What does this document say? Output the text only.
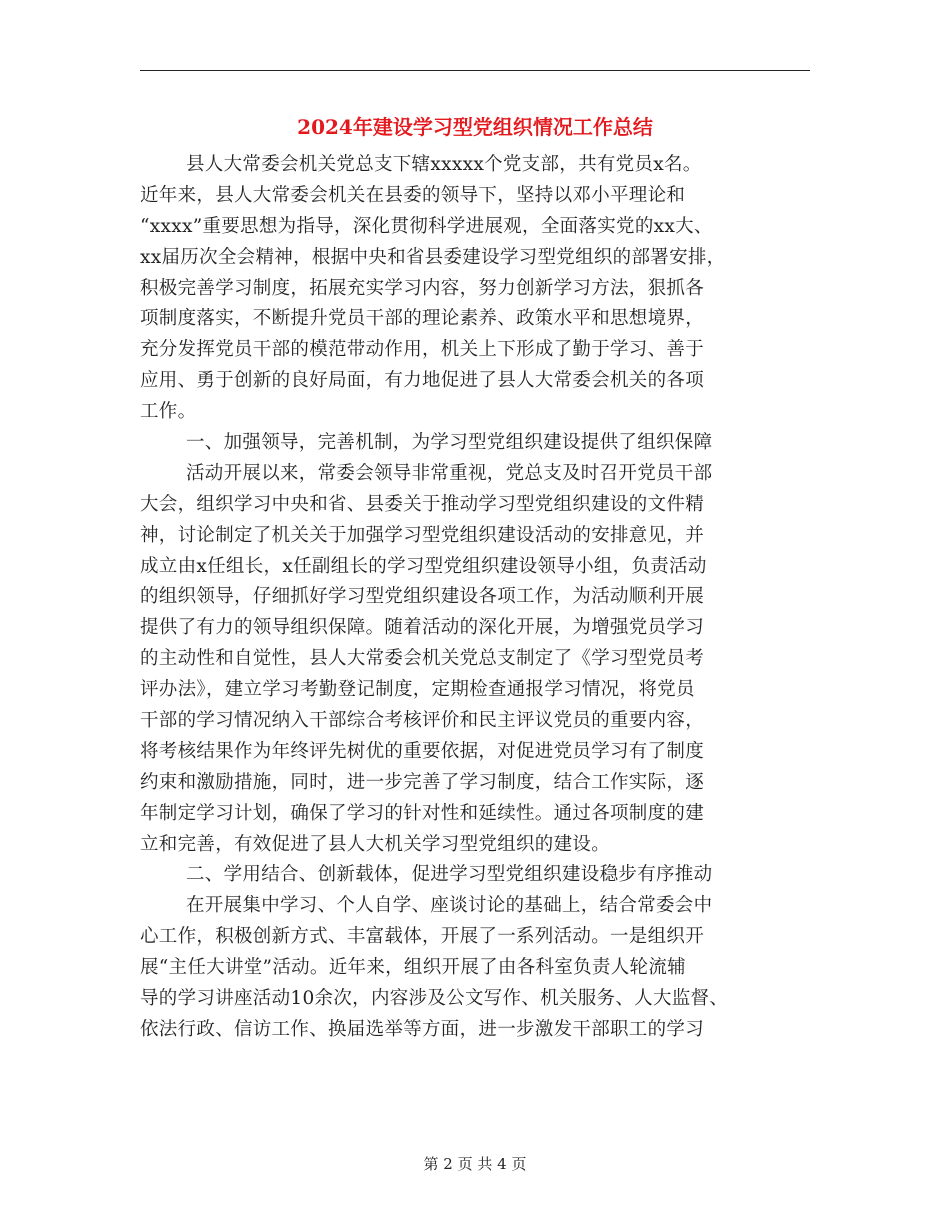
2024年建设学习型党组织情况工作总结
县人大常委会机关党总支下辖xxxxx个党支部，共有党员x名。
近年来，县人大常委会机关在县委的领导下，坚持以邓小平理论和
“xxxx”重要思想为指导，深化贯彻科学进展观，全面落实党的xx大、
xx届历次全会精神，根据中央和省县委建设学习型党组织的部署安排，
积极完善学习制度，拓展充实学习内容，努力创新学习方法，狠抓各
项制度落实，不断提升党员干部的理论素养、政策水平和思想境界，
充分发挥党员干部的模范带动作用，机关上下形成了勤于学习、善于
应用、勇于创新的良好局面，有力地促进了县人大常委会机关的各项
工作。
一、加强领导，完善机制，为学习型党组织建设提供了组织保障
活动开展以来，常委会领导非常重视，党总支及时召开党员干部
大会，组织学习中央和省、县委关于推动学习型党组织建设的文件精
神，讨论制定了机关关于加强学习型党组织建设活动的安排意见，并
成立由x任组长，x任副组长的学习型党组织建设领导小组，负责活动
的组织领导，仔细抓好学习型党组织建设各项工作，为活动顺利开展
提供了有力的领导组织保障。随着活动的深化开展，为增强党员学习
的主动性和自觉性，县人大常委会机关党总支制定了《学习型党员考
评办法》，建立学习考勤登记制度，定期检查通报学习情况，将党员
干部的学习情况纳入干部综合考核评价和民主评议党员的重要内容，
将考核结果作为年终评先树优的重要依据，对促进党员学习有了制度
约束和激励措施，同时，进一步完善了学习制度，结合工作实际，逐
年制定学习计划，确保了学习的针对性和延续性。通过各项制度的建
立和完善，有效促进了县人大机关学习型党组织的建设。
二、学用结合、创新载体，促进学习型党组织建设稳步有序推动
在开展集中学习、个人自学、座谈讨论的基础上，结合常委会中
心工作，积极创新方式、丰富载体，开展了一系列活动。一是组织开
展“主任大讲堂”活动。近年来，组织开展了由各科室负责人轮流辅
导的学习讲座活动10余次，内容涉及公文写作、机关服务、人大监督、
依法行政、信访工作、换届选举等方面，进一步激发干部职工的学习
第 2 页 共 4 页
